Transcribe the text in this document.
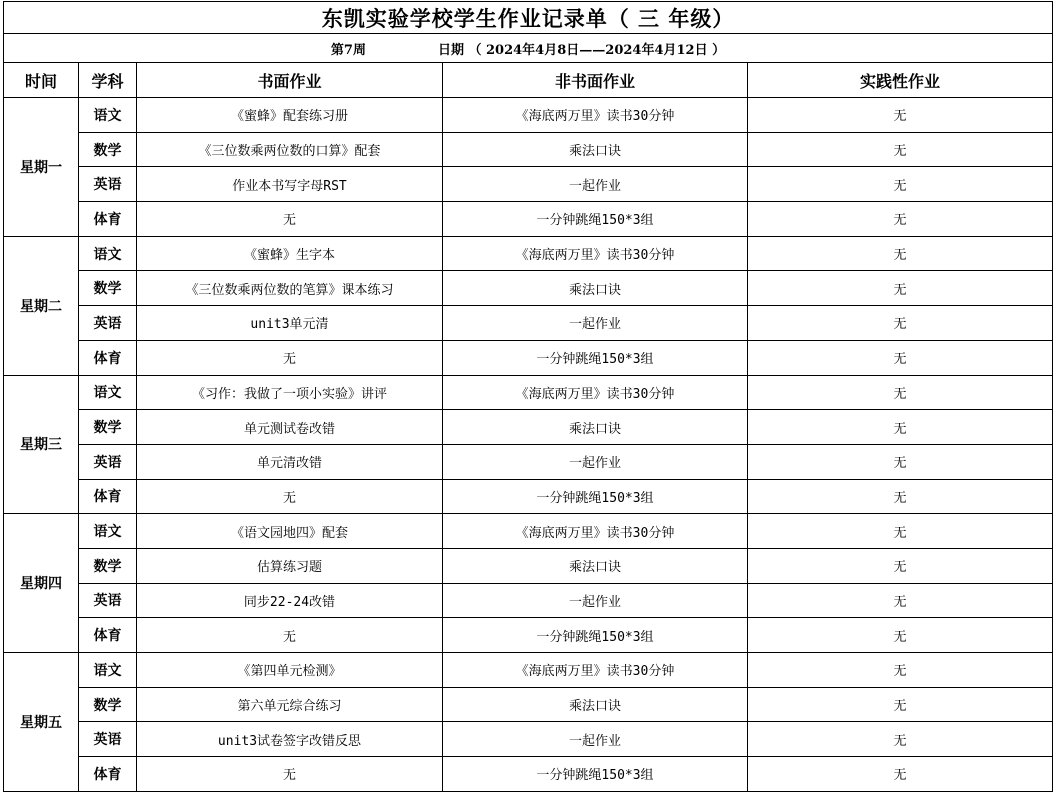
东凯实验学校学生作业记录单（ 三 年级）				
第7周 日期 （ 2024年4月8日——2024年4月12日 ）				
时间	学科	书面作业	非书面作业	实践性作业
星期一	语文	《蜜蜂》配套练习册	《海底两万里》读书30分钟	无
	数学	《三位数乘两位数的口算》配套	乘法口诀	无
	英语	作业本书写字母RST	一起作业	无
	体育	无	一分钟跳绳150*3组	无
星期二	语文	《蜜蜂》生字本	《海底两万里》读书30分钟	无
	数学	《三位数乘两位数的笔算》课本练习	乘法口诀	无
	英语	unit3单元清	一起作业	无
	体育	无	一分钟跳绳150*3组	无
星期三	语文	《习作：我做了一项小实验》讲评	《海底两万里》读书30分钟	无
	数学	单元测试卷改错	乘法口诀	无
	英语	单元清改错	一起作业	无
	体育	无	一分钟跳绳150*3组	无
星期四	语文	《语文园地四》配套	《海底两万里》读书30分钟	无
	数学	估算练习题	乘法口诀	无
	英语	同步22-24改错	一起作业	无
	体育	无	一分钟跳绳150*3组	无
星期五	语文	《第四单元检测》	《海底两万里》读书30分钟	无
	数学	第六单元综合练习	乘法口诀	无
	英语	unit3试卷签字改错反思	一起作业	无
	体育	无	一分钟跳绳150*3组	无
